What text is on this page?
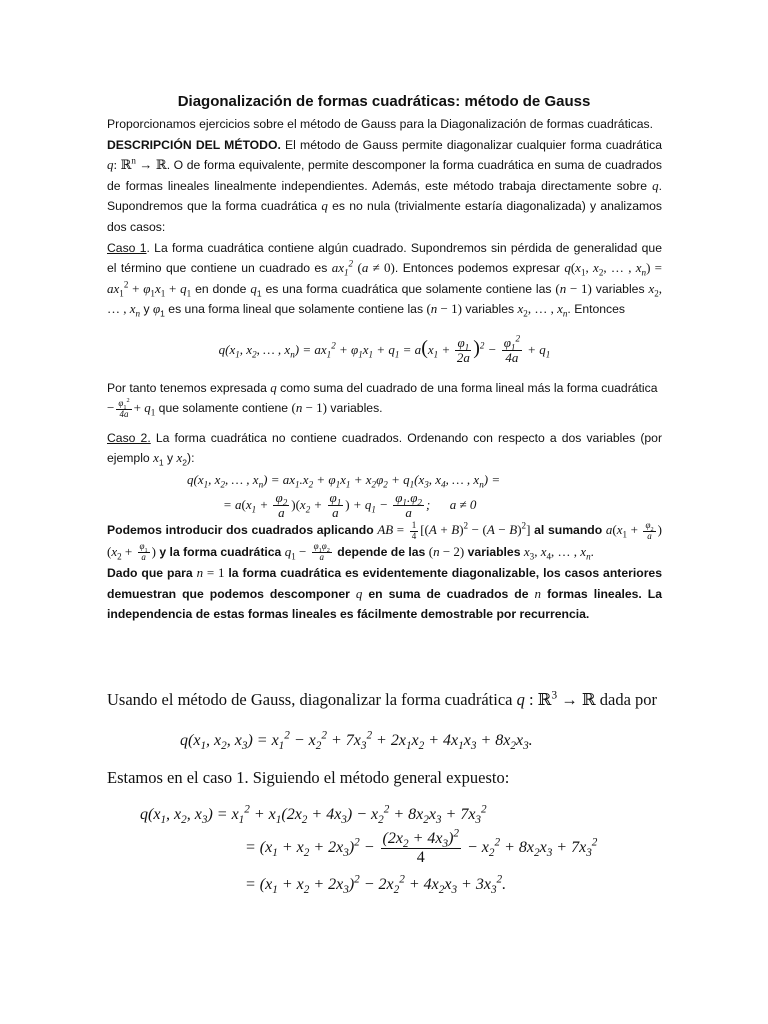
Diagonalización de formas cuadráticas: método de Gauss

Proporcionamos ejercicios sobre el método de Gauss para la Diagonalización de formas cuadráticas.

DESCRIPCIÓN DEL MÉTODO. El método de Gauss permite diagonalizar cualquier forma cuadrática q: ℝ$^n$ → ℝ. O de forma equivalente, permite descomponer la forma cuadrática en suma de cuadrados de formas lineales linealmente independientes. Además, este método trabaja directamente sobre q. Supondremos que la forma cuadrática q es no nula (trivialmente estaría diagonalizada) y analizamos dos casos:

Caso 1. La forma cuadrática contiene algún cuadrado. Supondremos sin pérdida de generalidad que el término que contiene un cuadrado es $ax_1^2$ (a ≠ 0). Entonces podemos expresar $q(x_1$, $x_2$, … , $x_n) = ax_1^2 + \varphi_1x_1 + q_1$ en donde $q_1$ es una forma cuadrática que solamente contiene las (n − 1) variables $x_2$, … , $x_n$ y $\varphi_1$ es una forma lineal que solamente contiene las (n − 1) variables $x_2$, … , $x_n$. Entonces

$q(x_1$, $x_2$, … , $x_n) = ax_1^2 + \varphi_1x_1 + q_1 = a(x_1 + \frac{\varphi_1}{2a} )^2 - \frac{\varphi_1^2}{4a} + q_1$

Por tanto tenemos expresada q como suma del cuadrado de una forma lineal más la forma cuadrática − $\frac{\varphi_1^2}{4a} + q_1$ que solamente contiene (n − 1) variables.

Caso 2. La forma cuadrática no contiene cuadrados. Ordenando con respecto a dos variables (por ejemplo $x_1$ y $x_2$):

$q(x_1$, $x_2$, … , $x_n) = ax_1.x_2 + \varphi_1x_1 + x_2\varphi_2 + q_1(x_3$, $x_4$, … , $x_n$) =
= $a(x_1 + \frac{\varphi_2}{a} )(x_2 + \frac{\varphi_1}{a}$ ) + $q_1 - \frac{\varphi_1.\varphi_2}{a}$ ;      a ≠ 0

Podemos introducir dos cuadrados aplicando AB = $\frac{1}{4} [(A + B)^2 - (A - B)^2]$ al sumando $a(x_1 + \frac{\varphi_2}{a} )(x_2 + \frac{\varphi_1}{a}$ ) y la forma cuadrática $q_1 - \frac{\varphi_1\varphi_2}{a}$ depende de las (n − 2) variables $x_3$, $x_4$, … , $x_n$.

Dado que para n = 1 la forma cuadrática es evidentemente diagonalizable, los casos anteriores demuestran que podemos descomponer q en suma de cuadrados de n formas lineales. La independencia de estas formas lineales es fácilmente demostrable por recurrencia.

Usando el método de Gauss, diagonalizar la forma cuadrática q : ℝ$^3$ → ℝ dada por
$q(x_1$, $x_2$, $x_3) = x_1^2 - x_2^2 + 7x_3^2 + 2x_1x_2 + 4x_1x_3 + 8x_2x_3$.
Estamos en el caso 1. Siguiendo el método general expuesto:
$q(x_1$, $x_2$, $x_3) = x_1^2 + x_1(2x_2 + 4x_3) - x_2^2 + 8x_2x_3 + 7x_3^2$
= $(x_1 + x_2 + 2x_3)^2 - \frac{(2x_2 + 4x_3)^2}{4} - x_2^2 + 8x_2x_3 + 7x_3^2$
= $(x_1 + x_2 + 2x_3)^2 - 2x_2^2 + 4x_2x_3 + 3x_3^2$.
